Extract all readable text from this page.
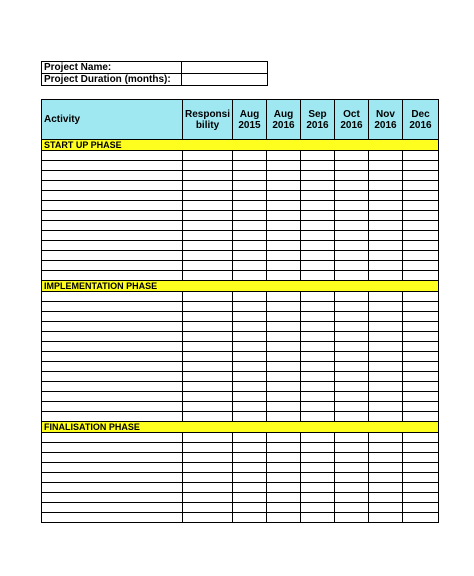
Project Name:	
Project Duration (months):	
Activity	Responsi bility	Aug 2015	Aug 2016	Sep 2016	Oct 2016	Nov 2016	Dec 2016
START UP PHASE							

IMPLEMENTATION PHASE							

FINALISATION PHASE							
